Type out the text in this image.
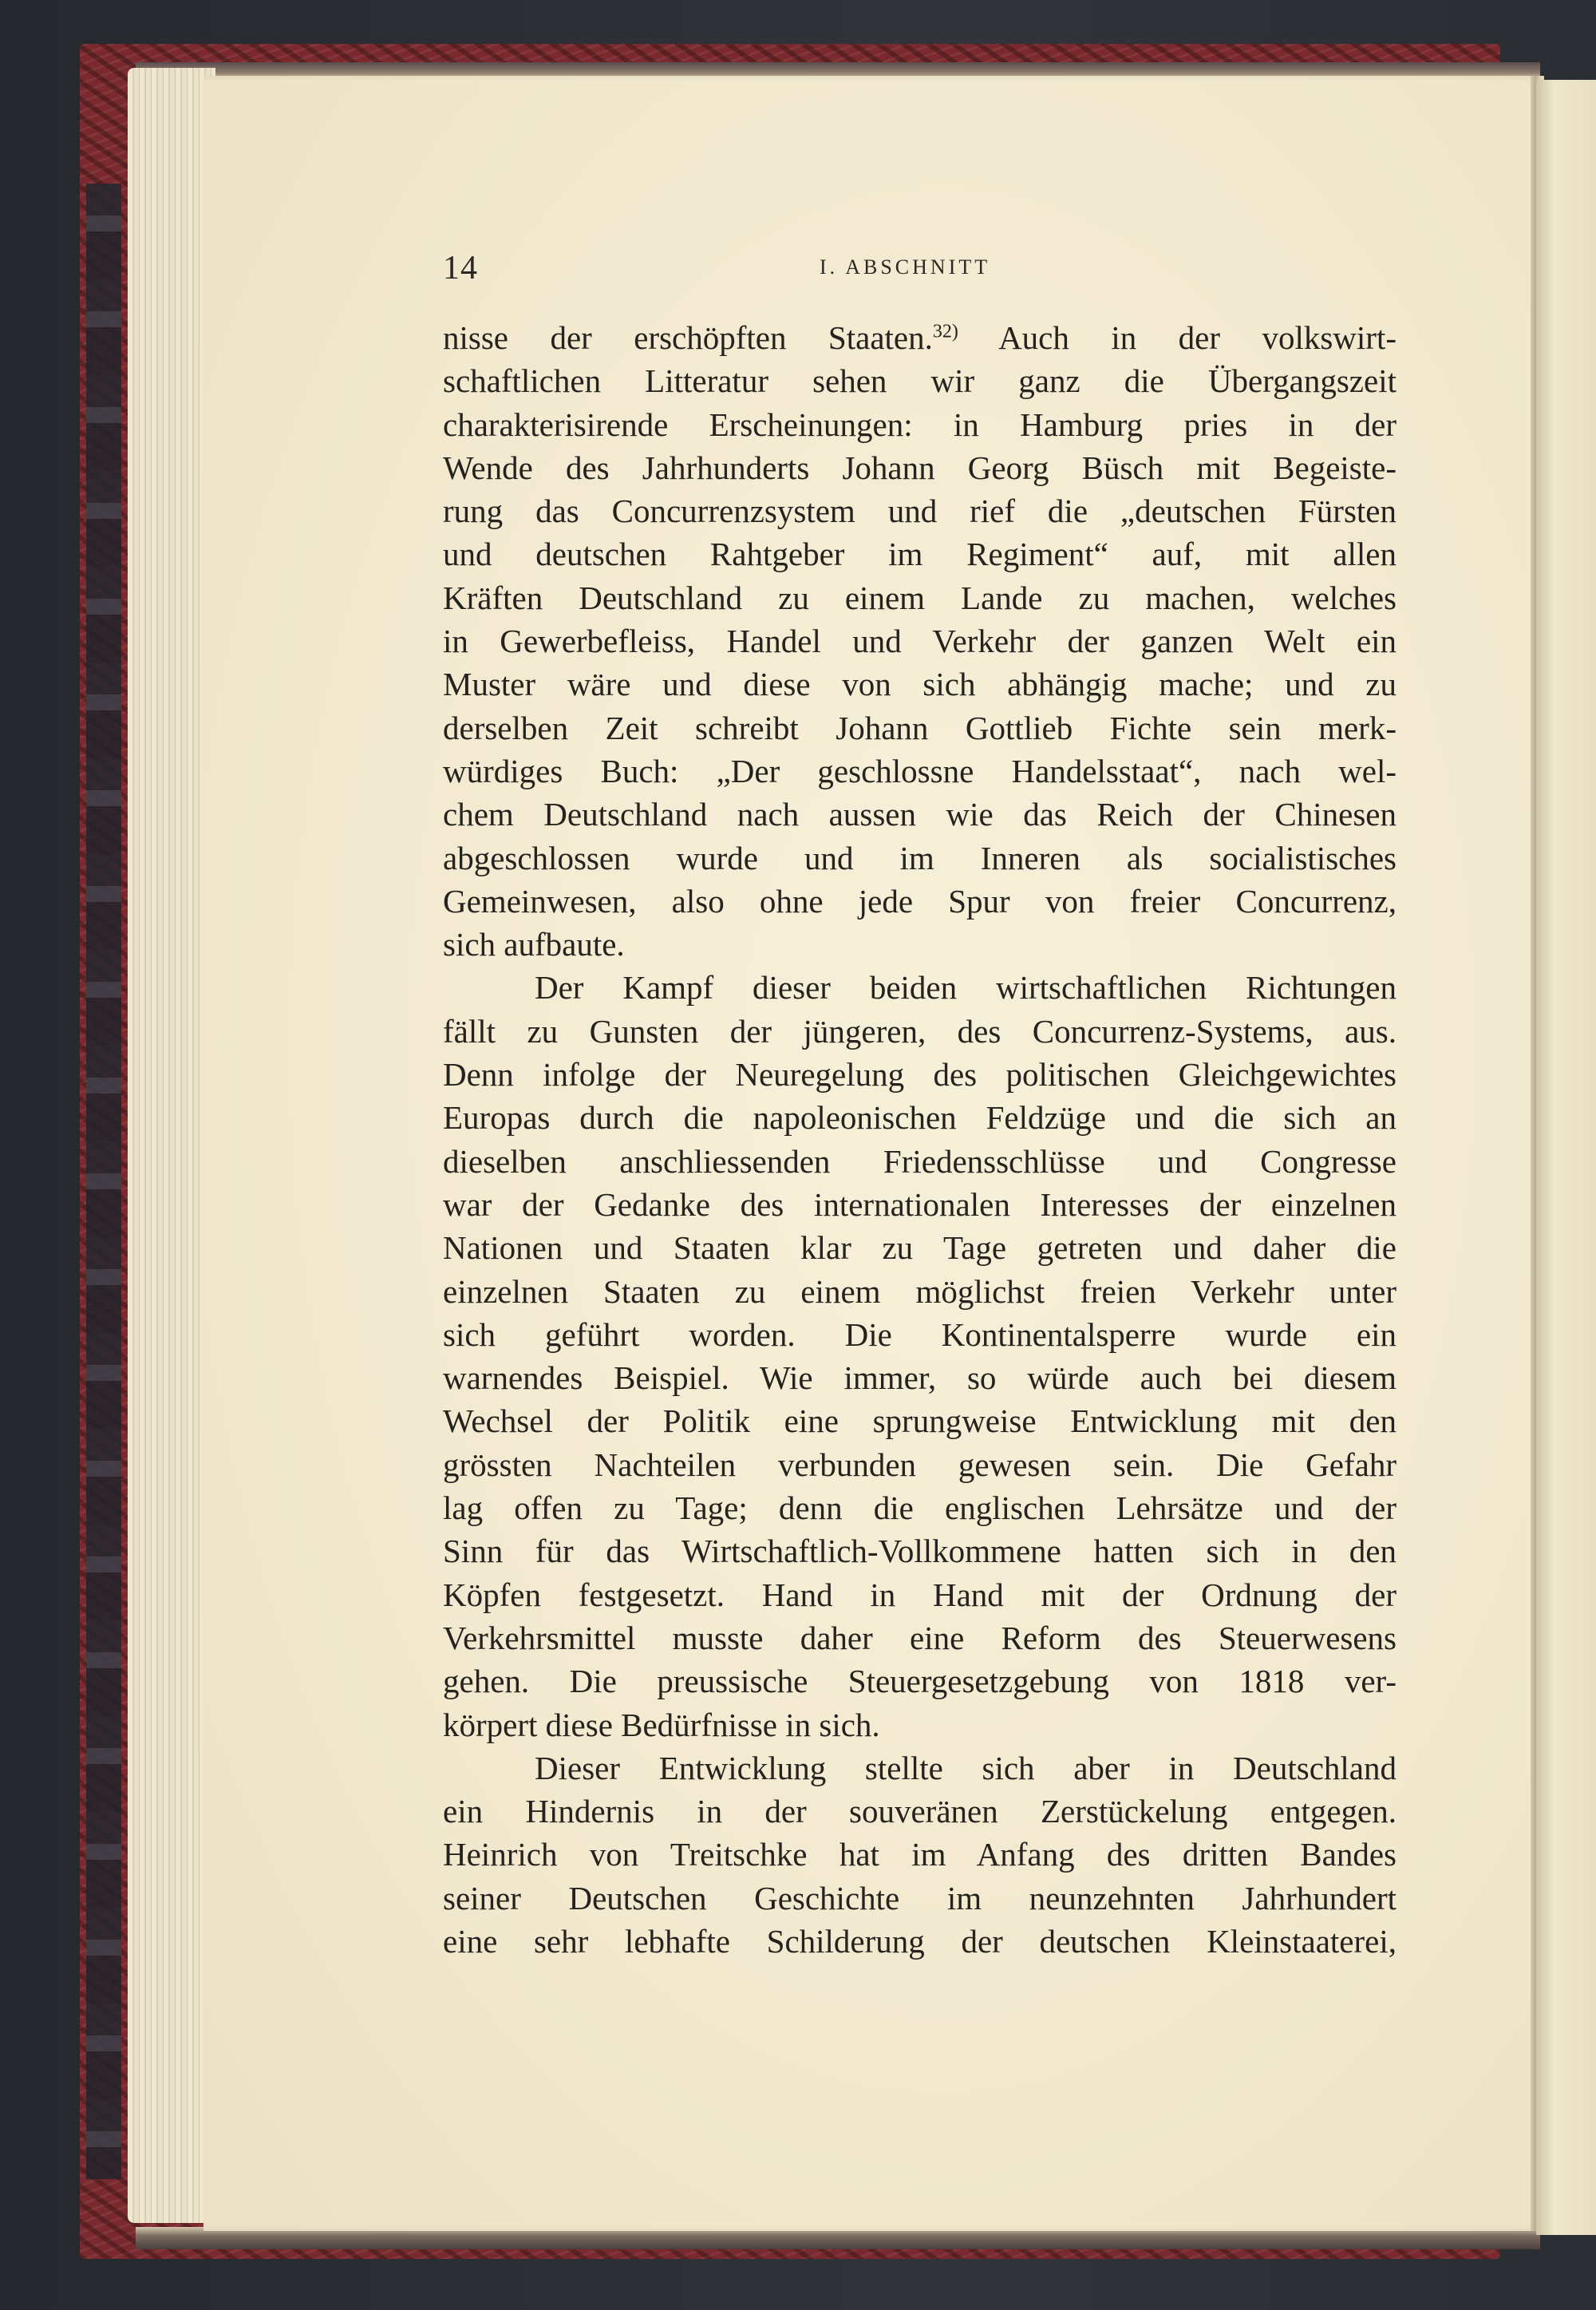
14	I. ABSCHNITT
nisse der erschöpften Staaten.$^{32)}$ Auch in der volkswirt-
schaftlichen Litteratur sehen wir ganz die Übergangszeit
charakterisirende Erscheinungen: in Hamburg pries in der
Wende des Jahrhunderts Johann Georg Büsch mit Begeiste-
rung das Concurrenzsystem und rief die „deutschen Fürsten
und deutschen Rahtgeber im Regiment“ auf, mit allen
Kräften Deutschland zu einem Lande zu machen, welches
in Gewerbefleiss, Handel und Verkehr der ganzen Welt ein
Muster wäre und diese von sich abhängig mache; und zu
derselben Zeit schreibt Johann Gottlieb Fichte sein merk-
würdiges Buch: „Der geschlossne Handelsstaat“, nach wel-
chem Deutschland nach aussen wie das Reich der Chinesen
abgeschlossen wurde und im Inneren als socialistisches
Gemeinwesen, also ohne jede Spur von freier Concurrenz,
sich aufbaute.
Der Kampf dieser beiden wirtschaftlichen Richtungen
fällt zu Gunsten der jüngeren, des Concurrenz-Systems, aus.
Denn infolge der Neuregelung des politischen Gleichgewichtes
Europas durch die napoleonischen Feldzüge und die sich an
dieselben anschliessenden Friedensschlüsse und Congresse
war der Gedanke des internationalen Interesses der einzelnen
Nationen und Staaten klar zu Tage getreten und daher die
einzelnen Staaten zu einem möglichst freien Verkehr unter
sich geführt worden. Die Kontinentalsperre wurde ein
warnendes Beispiel. Wie immer, so würde auch bei diesem
Wechsel der Politik eine sprungweise Entwicklung mit den
grössten Nachteilen verbunden gewesen sein. Die Gefahr
lag offen zu Tage; denn die englischen Lehrsätze und der
Sinn für das Wirtschaftlich-Vollkommene hatten sich in den
Köpfen festgesetzt. Hand in Hand mit der Ordnung der
Verkehrsmittel musste daher eine Reform des Steuerwesens
gehen. Die preussische Steuergesetzgebung von 1818 ver-
körpert diese Bedürfnisse in sich.
Dieser Entwicklung stellte sich aber in Deutschland
ein Hindernis in der souveränen Zerstückelung entgegen.
Heinrich von Treitschke hat im Anfang des dritten Bandes
seiner Deutschen Geschichte im neunzehnten Jahrhundert
eine sehr lebhafte Schilderung der deutschen Kleinstaaterei,
